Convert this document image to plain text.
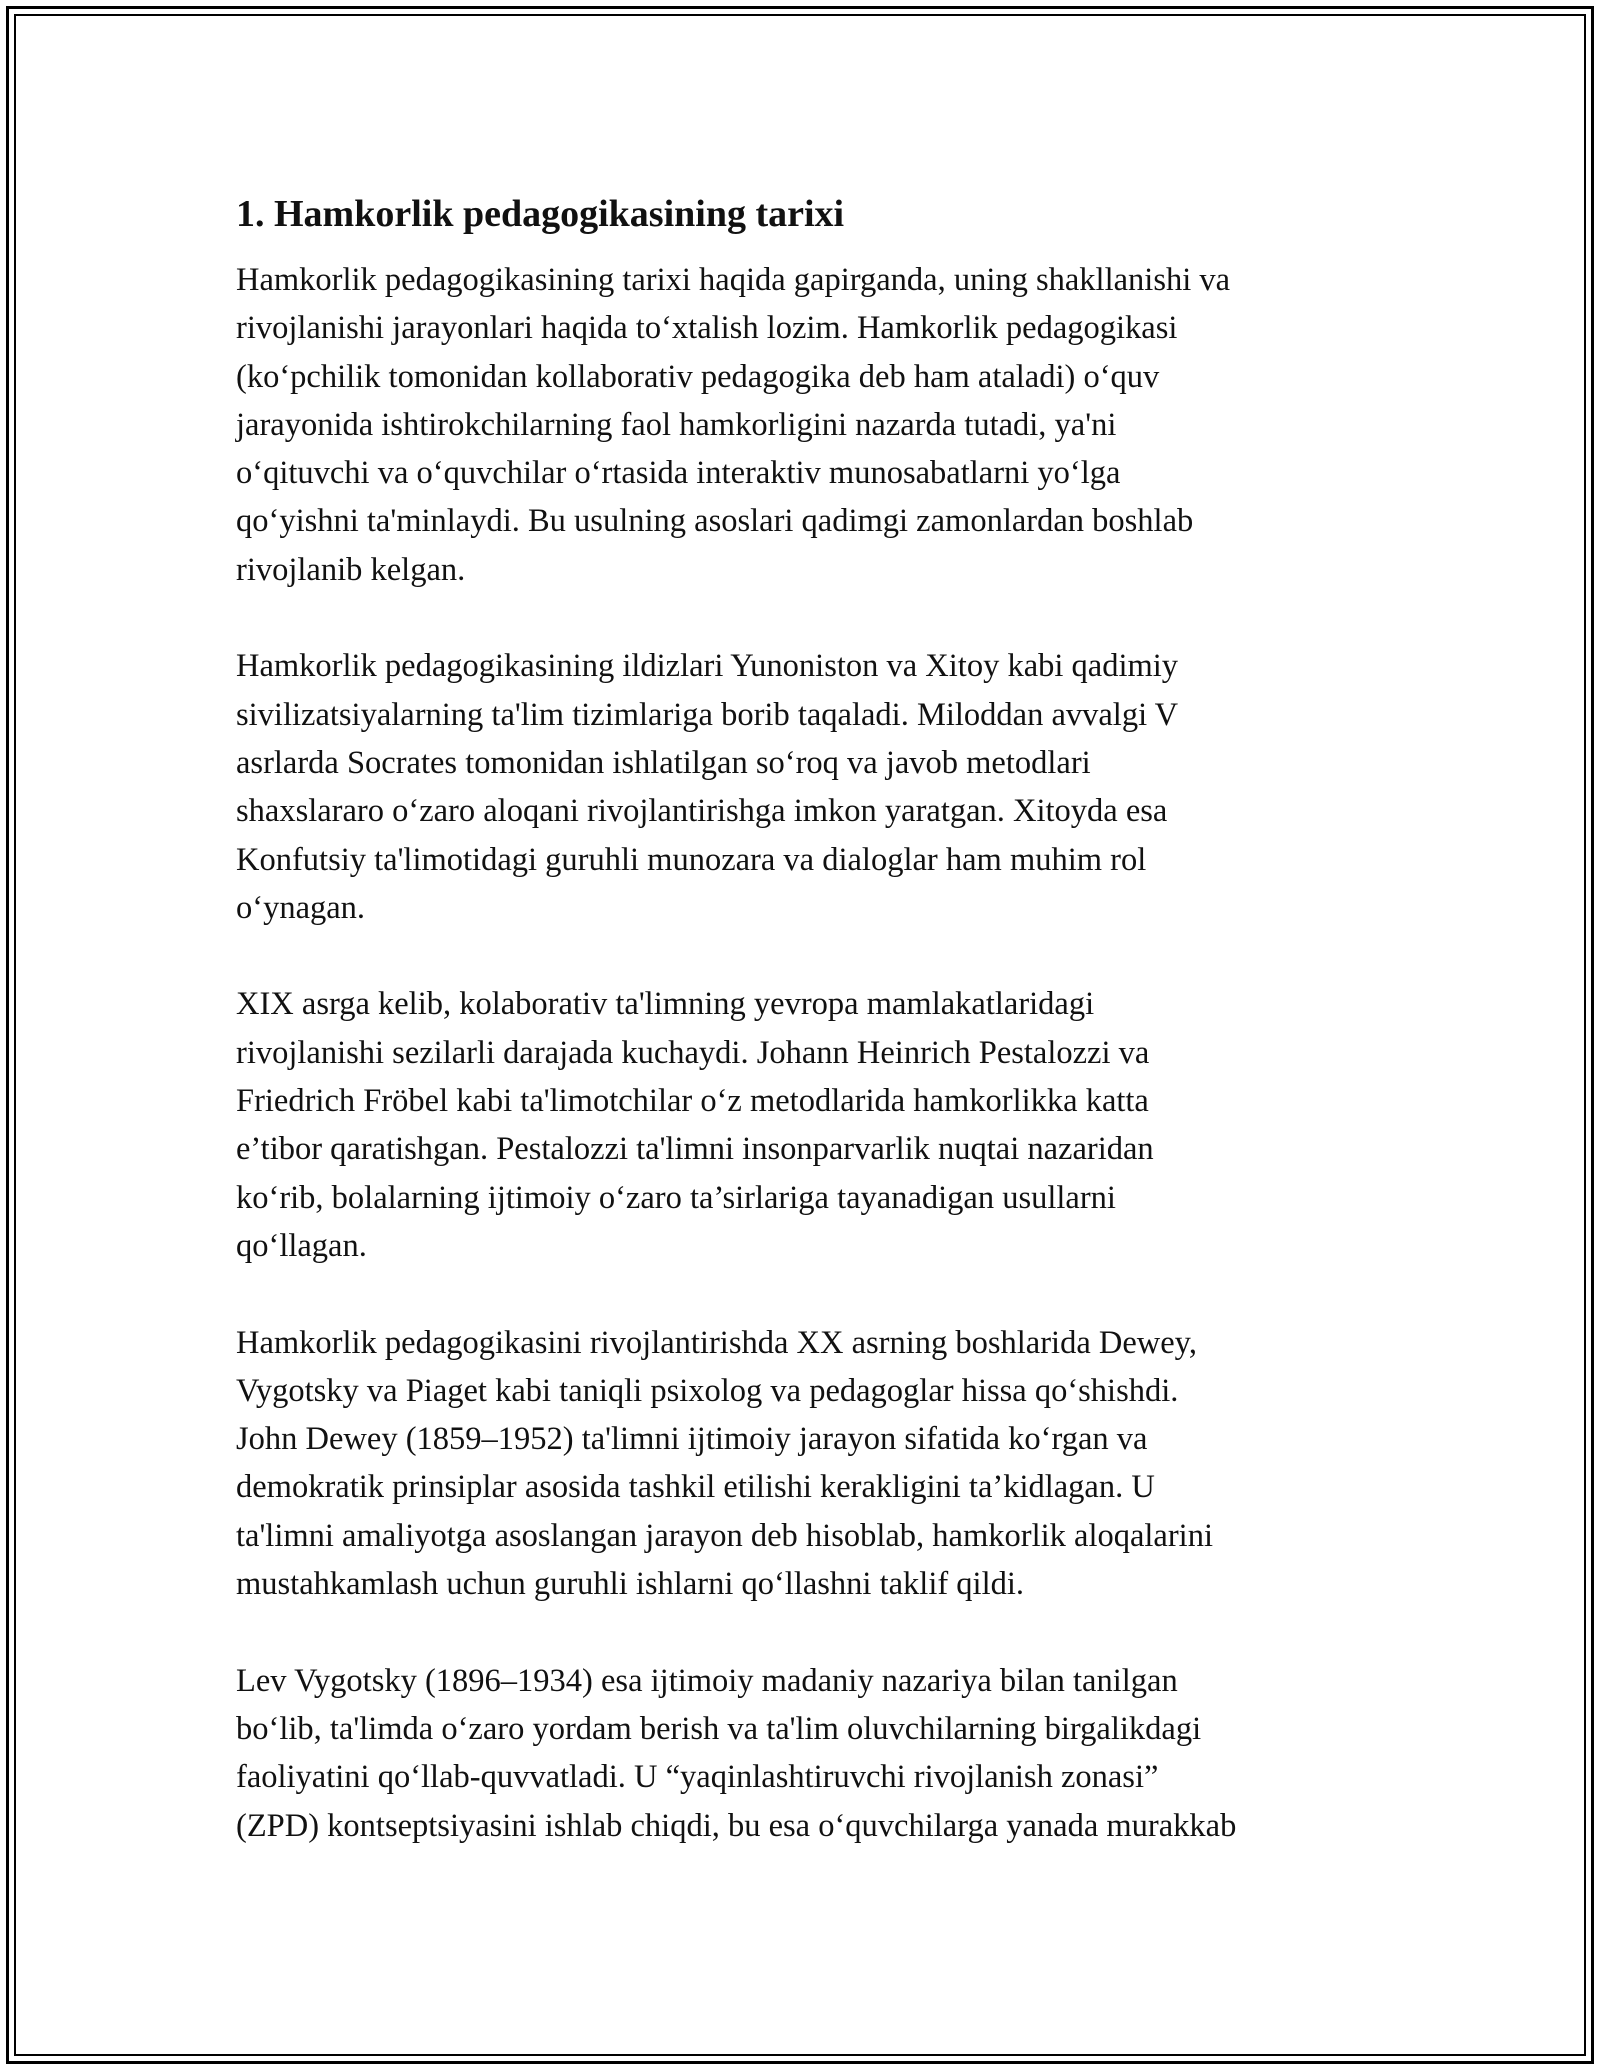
1. Hamkorlik pedagogikasining tarixi

Hamkorlik pedagogikasining tarixi haqida gapirganda, uning shakllanishi va
rivojlanishi jarayonlari haqida to‘xtalish lozim. Hamkorlik pedagogikasi
(ko‘pchilik tomonidan kollaborativ pedagogika deb ham ataladi) o‘quv
jarayonida ishtirokchilarning faol hamkorligini nazarda tutadi, ya'ni
o‘qituvchi va o‘quvchilar o‘rtasida interaktiv munosabatlarni yo‘lga
qo‘yishni ta'minlaydi. Bu usulning asoslari qadimgi zamonlardan boshlab
rivojlanib kelgan.

Hamkorlik pedagogikasining ildizlari Yunoniston va Xitoy kabi qadimiy
sivilizatsiyalarning ta'lim tizimlariga borib taqaladi. Miloddan avvalgi V
asrlarda Socrates tomonidan ishlatilgan so‘roq va javob metodlari
shaxslararo o‘zaro aloqani rivojlantirishga imkon yaratgan. Xitoyda esa
Konfutsiy ta'limotidagi guruhli munozara va dialoglar ham muhim rol
o‘ynagan.

XIX asrga kelib, kolaborativ ta'limning yevropa mamlakatlaridagi
rivojlanishi sezilarli darajada kuchaydi. Johann Heinrich Pestalozzi va
Friedrich Fröbel kabi ta'limotchilar o‘z metodlarida hamkorlikka katta
e’tibor qaratishgan. Pestalozzi ta'limni insonparvarlik nuqtai nazaridan
ko‘rib, bolalarning ijtimoiy o‘zaro ta’sirlariga tayanadigan usullarni
qo‘llagan.

Hamkorlik pedagogikasini rivojlantirishda XX asrning boshlarida Dewey,
Vygotsky va Piaget kabi taniqli psixolog va pedagoglar hissa qo‘shishdi.
John Dewey (1859–1952) ta'limni ijtimoiy jarayon sifatida ko‘rgan va
demokratik prinsiplar asosida tashkil etilishi kerakligini ta’kidlagan. U
ta'limni amaliyotga asoslangan jarayon deb hisoblab, hamkorlik aloqalarini
mustahkamlash uchun guruhli ishlarni qo‘llashni taklif qildi.

Lev Vygotsky (1896–1934) esa ijtimoiy madaniy nazariya bilan tanilgan
bo‘lib, ta'limda o‘zaro yordam berish va ta'lim oluvchilarning birgalikdagi
faoliyatini qo‘llab-quvvatladi. U “yaqinlashtiruvchi rivojlanish zonasi”
(ZPD) kontseptsiyasini ishlab chiqdi, bu esa o‘quvchilarga yanada murakkab
